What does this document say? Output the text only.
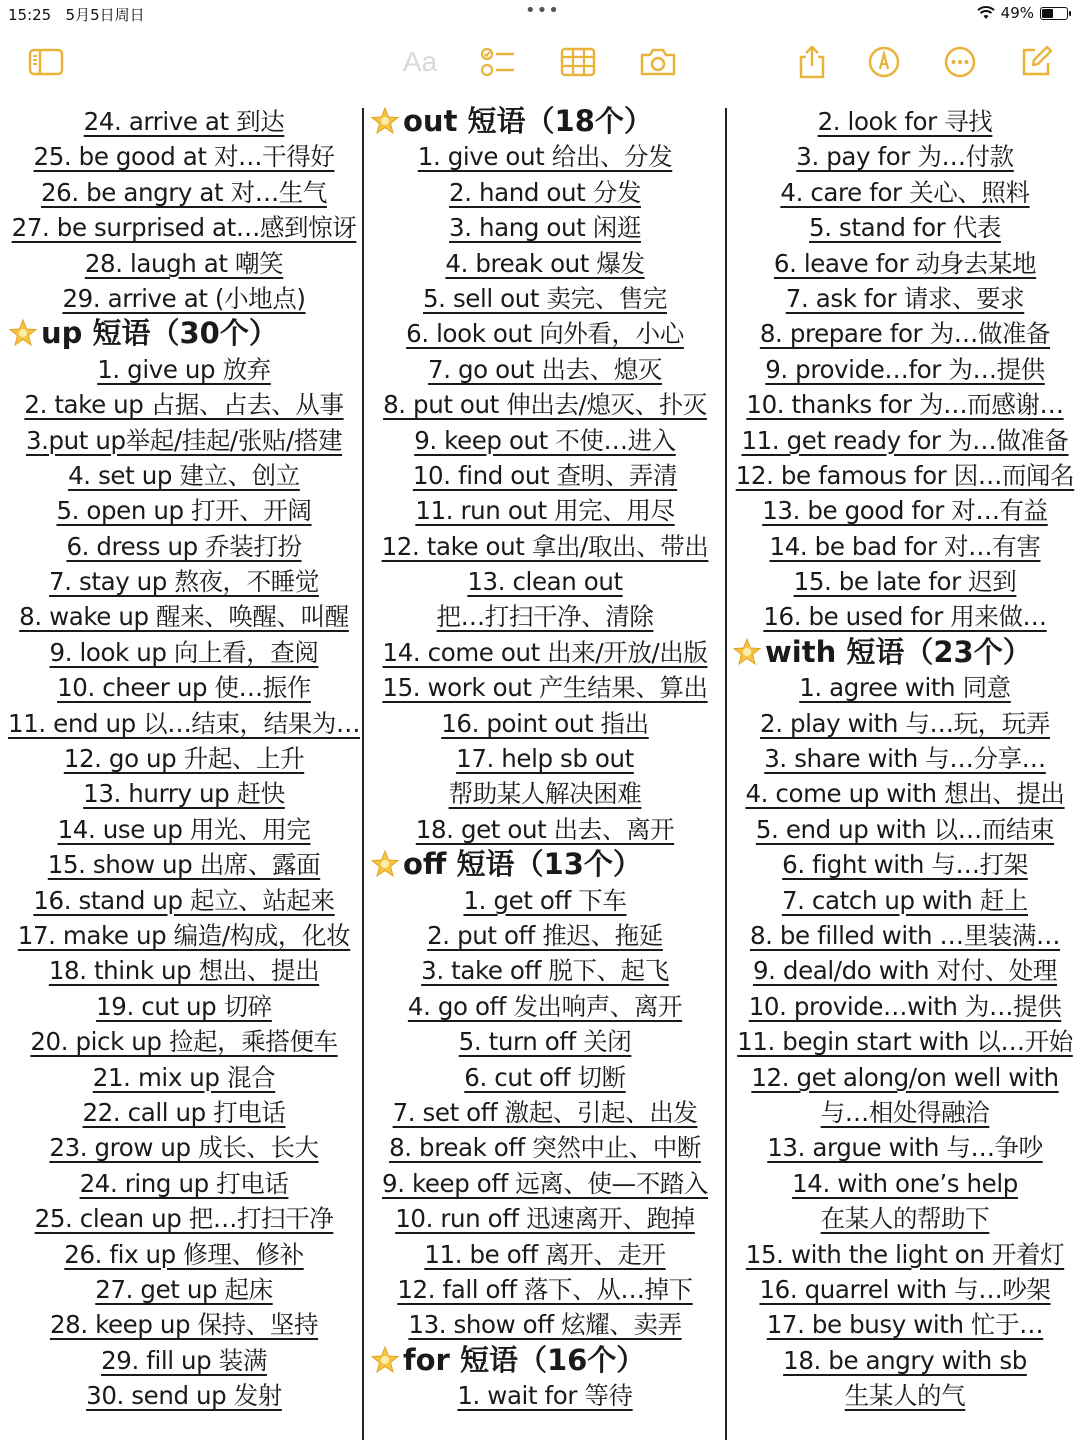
15:25 5月5日周日	•••	49%
Aa
24. arrive at 到达
25. be good at 对…干得好
26. be angry at 对…生气
27. be surprised at…感到惊讶
28. laugh at 嘲笑
29. arrive at (小地点)
up 短语（30个）
1. give up 放弃
2. take up 占据、占去、从事
3.put up举起/挂起/张贴/搭建
4. set up 建立、创立
5. open up 打开、开阔
6. dress up 乔装打扮
7. stay up 熬夜，不睡觉
8. wake up 醒来、唤醒、叫醒
9. look up 向上看，查阅
10. cheer up 使…振作
11. end up 以…结束，结果为…
12. go up 升起、上升
13. hurry up 赶快
14. use up 用光、用完
15. show up 出席、露面
16. stand up 起立、站起来
17. make up 编造/构成，化妆
18. think up 想出、提出
19. cut up 切碎
20. pick up 捡起，乘搭便车
21. mix up 混合
22. call up 打电话
23. grow up 成长、长大
24. ring up 打电话
25. clean up 把…打扫干净
26. fix up 修理、修补
27. get up 起床
28. keep up 保持、坚持
29. fill up 装满
30. send up 发射
out 短语（18个）
1. give out 给出、分发
2. hand out 分发
3. hang out 闲逛
4. break out 爆发
5. sell out 卖完、售完
6. look out 向外看，小心
7. go out 出去、熄灭
8. put out 伸出去/熄灭、扑灭
9. keep out 不使…进入
10. find out 查明、弄清
11. run out 用完、用尽
12. take out 拿出/取出、带出
13. clean out
把…打扫干净、清除
14. come out 出来/开放/出版
15. work out 产生结果、算出
16. point out 指出
17. help sb out
帮助某人解决困难
18. get out 出去、离开
off 短语（13个）
1. get off 下车
2. put off 推迟、拖延
3. take off 脱下、起飞
4. go off 发出响声、离开
5. turn off 关闭
6. cut off 切断
7. set off 激起、引起、出发
8. break off 突然中止、中断
9. keep off 远离、使—不踏入
10. run off 迅速离开、跑掉
11. be off 离开、走开
12. fall off 落下、从…掉下
13. show off 炫耀、卖弄
for 短语（16个）
1. wait for 等待
2. look for 寻找
3. pay for 为…付款
4. care for 关心、照料
5. stand for 代表
6. leave for 动身去某地
7. ask for 请求、要求
8. prepare for 为…做准备
9. provide…for 为…提供
10. thanks for 为…而感谢…
11. get ready for 为…做准备
12. be famous for 因…而闻名
13. be good for 对…有益
14. be bad for 对…有害
15. be late for 迟到
16. be used for 用来做…
with 短语（23个）
1. agree with 同意
2. play with 与…玩，玩弄
3. share with 与…分享…
4. come up with 想出、提出
5. end up with 以…而结束
6. fight with 与…打架
7. catch up with 赶上
8. be filled with …里装满…
9. deal/do with 对付、处理
10. provide…with 为…提供
11. begin start with 以…开始
12. get along/on well with
与…相处得融洽
13. argue with 与…争吵
14. with one’s help
在某人的帮助下
15. with the light on 开着灯
16. quarrel with 与…吵架
17. be busy with 忙于…
18. be angry with sb
生某人的气
